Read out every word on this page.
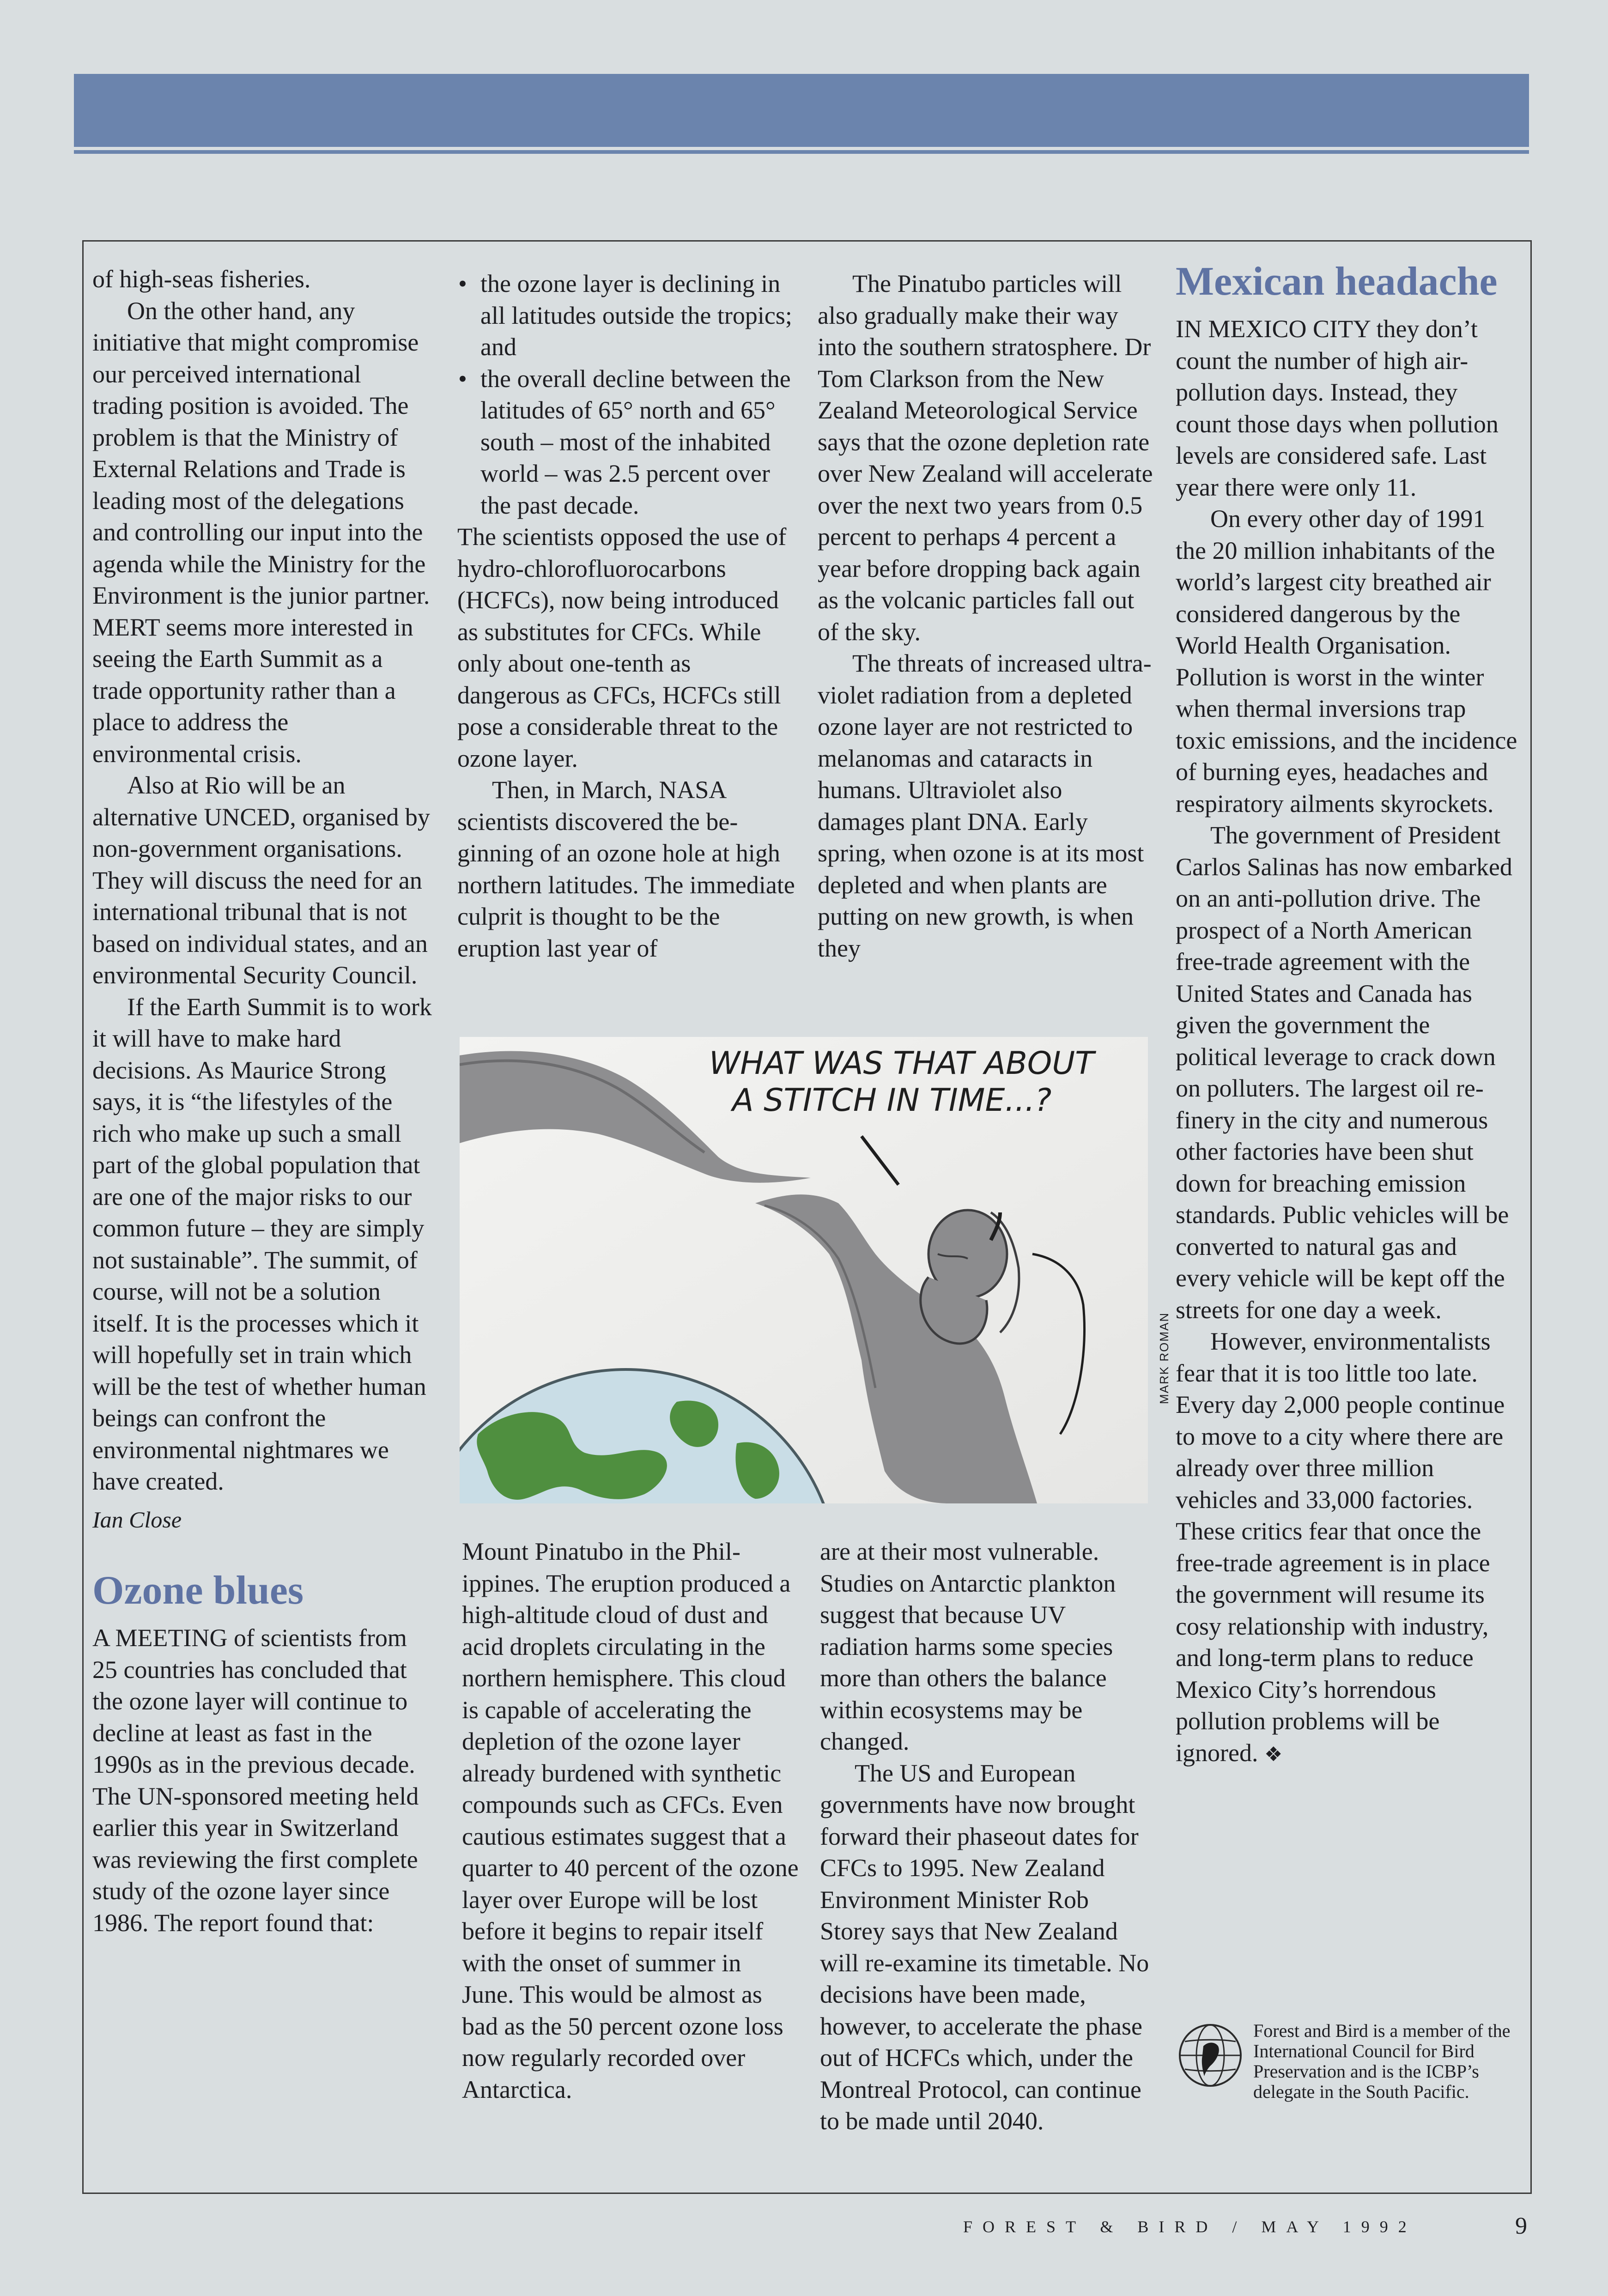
of high-seas fisheries.

On the other hand, any initiative that might compromise our perceived international trading position is avoided. The problem is that the Ministry of External Relations and Trade is leading most of the delegations and controlling our input into the agenda while the Ministry for the Environment is the junior partner. MERT seems more interested in seeing the Earth Summit as a trade opportunity rather than a place to address the environmental crisis.

Also at Rio will be an alternative UNCED, organised by non-government organisations. They will discuss the need for an international tribunal that is not based on individual states, and an environmental Security Council.

If the Earth Summit is to work it will have to make hard decisions. As Maurice Strong says, it is “the lifestyles of the rich who make up such a small part of the global population that are one of the major risks to our common future – they are simply not sustainable”. The summit, of course, will not be a solution itself. It is the processes which it will hopefully set in train which will be the test of whether human beings can confront the environmental nightmares we have created.

Ian Close

Ozone blues

A MEETING of scientists from 25 countries has concluded that the ozone layer will continue to decline at least as fast in the 1990s as in the previous decade. The UN-sponsored meeting held earlier this year in Switzerland was reviewing the first complete study of the ozone layer since 1986. The report found that:

• the ozone layer is declining in all latitudes outside the tropics; and
• the overall decline between the latitudes of 65° north and 65° south – most of the inhabited world – was 2.5 percent over the past decade.

The scientists opposed the use of hydro-chlorofluorocarbons (HCFCs), now being introduced as substitutes for CFCs. While only about one-tenth as dangerous as CFCs, HCFCs still pose a considerable threat to the ozone layer.

Then, in March, NASA scientists discovered the beginning of an ozone hole at high northern latitudes. The immediate culprit is thought to be the eruption last year of

The Pinatubo particles will also gradually make their way into the southern stratosphere. Dr Tom Clarkson from the New Zealand Meteorological Service says that the ozone depletion rate over New Zealand will accelerate over the next two years from 0.5 percent to perhaps 4 percent a year before dropping back again as the volcanic particles fall out of the sky.

The threats of increased ultra-violet radiation from a depleted ozone layer are not restricted to melanomas and cataracts in humans. Ultraviolet also damages plant DNA. Early spring, when ozone is at its most depleted and when plants are putting on new growth, is when they

WHAT WAS THAT ABOUT
A STITCH IN TIME...?
MARK ROMAN

Mount Pinatubo in the Philippines. The eruption produced a high-altitude cloud of dust and acid droplets circulating in the northern hemisphere. This cloud is capable of accelerating the depletion of the ozone layer already burdened with synthetic compounds such as CFCs. Even cautious estimates suggest that a quarter to 40 percent of the ozone layer over Europe will be lost before it begins to repair itself with the onset of summer in June. This would be almost as bad as the 50 percent ozone loss now regularly recorded over Antarctica.

are at their most vulnerable. Studies on Antarctic plankton suggest that because UV radiation harms some species more than others the balance within ecosystems may be changed.

The US and European governments have now brought forward their phaseout dates for CFCs to 1995. New Zealand Environment Minister Rob Storey says that New Zealand will re-examine its timetable. No decisions have been made, however, to accelerate the phase out of HCFCs which, under the Montreal Protocol, can continue to be made until 2040.

Mexican headache

IN MEXICO CITY they don’t count the number of high air-pollution days. Instead, they count those days when pollution levels are considered safe. Last year there were only 11.

On every other day of 1991 the 20 million inhabitants of the world’s largest city breathed air considered dangerous by the World Health Organisation. Pollution is worst in the winter when thermal inversions trap toxic emissions, and the incidence of burning eyes, headaches and respiratory ailments skyrockets.

The government of President Carlos Salinas has now embarked on an anti-pollution drive. The prospect of a North American free-trade agreement with the United States and Canada has given the government the political leverage to crack down on polluters. The largest oil refinery in the city and numerous other factories have been shut down for breaching emission standards. Public vehicles will be converted to natural gas and every vehicle will be kept off the streets for one day a week.

However, environmentalists fear that it is too little too late. Every day 2,000 people continue to move to a city where there are already over three million vehicles and 33,000 factories. These critics fear that once the free-trade agreement is in place the government will resume its cosy relationship with industry, and long-term plans to reduce Mexico City’s horrendous pollution problems will be ignored. ❖

Forest and Bird is a member of the International Council for Bird Preservation and is the ICBP’s delegate in the South Pacific.
FOREST & BIRD / MAY 1992	9
